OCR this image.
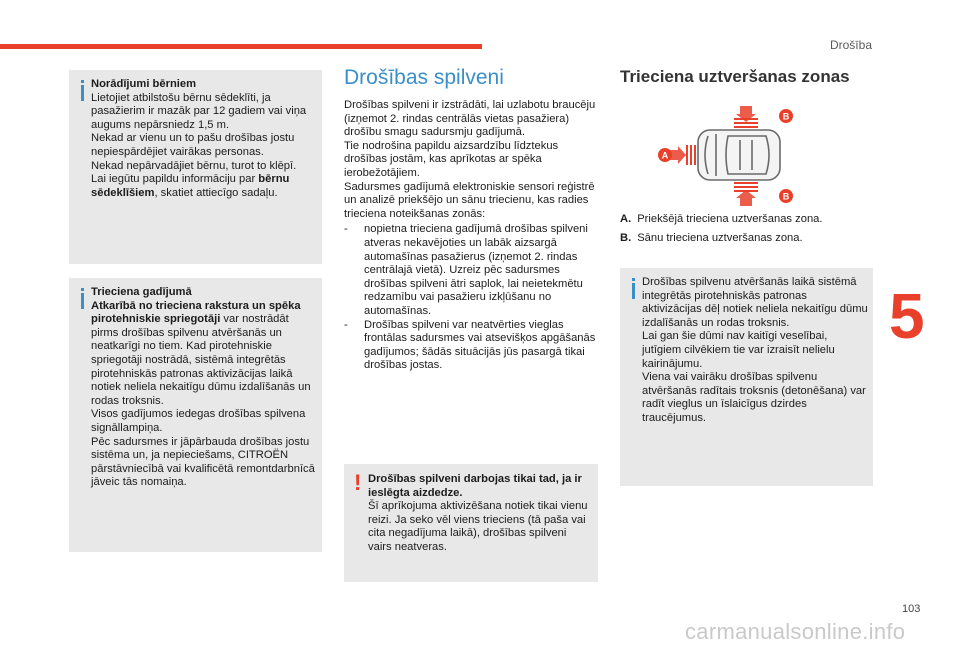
Drošība
5
103
carmanualsonline.info
Norādījumi bērniem
Lietojiet atbilstošu bērnu sēdeklīti, ja pasažierim ir mazāk par 12 gadiem vai viņa augums nepārsniedz 1,5 m.
Nekad ar vienu un to pašu drošības jostu nepiespārdējiet vairākas personas.
Nekad nepārvadājiet bērnu, turot to klēpī.
Lai iegūtu papildu informāciju par bērnu sēdeklīšiem, skatiet attiecīgo sadaļu.
Trieciena gadījumā
Atkarībā no trieciena rakstura un spēka pirotehniskie spriegotāji var nostrādāt pirms drošības spilvenu atvēršanās un neatkarīgi no tiem. Kad pirotehniskie spriegotāji nostrādā, sistēmā integrētās pirotehniskās patronas aktivizācijas laikā notiek neliela nekaitīgu dūmu izdalīšanās un rodas troksnis.
Visos gadījumos iedegas drošības spilvena signāllampiņa.
Pēc sadursmes ir jāpārbauda drošības jostu sistēma un, ja nepieciešams, CITROËN pārstāvniecībā vai kvalificētā remontdarbnīcā jāveic tās nomaiņa.
Drošības spilveni

Drošības spilveni ir izstrādāti, lai uzlabotu braucēju (izņemot 2. rindas centrālās vietas pasažiera) drošību smagu sadursmju gadījumā.
Tie nodrošina papildu aizsardzību līdztekus drošības jostām, kas aprīkotas ar spēka ierobežotājiem.
Sadursmes gadījumā elektroniskie sensori reģistrē un analizē priekšējo un sānu triecienu, kas radies trieciena noteikšanas zonās:

- nopietna trieciena gadījumā drošības spilveni atveras nekavējoties un labāk aizsargā automašīnas pasažierus (izņemot 2. rindas centrālajā vietā). Uzreiz pēc sadursmes drošības spilveni ātri saplok, lai neietekmētu redzamību vai pasažieru izkļūšanu no automašīnas.
- Drošības spilveni var neatvērties vieglas frontālas sadursmes vai atsevišķos apgāšanās gadījumos; šādās situācijās jūs pasargā tikai drošības jostas.
! Drošības spilveni darbojas tikai tad, ja ir ieslēgta aizdedze.
Šī aprīkojuma aktivizēšana notiek tikai vienu reizi. Ja seko vēl viens trieciens (tā paša vai cita negadījuma laikā), drošības spilveni vairs neatveras.
Trieciena uztveršanas zonas
B
A
B
A. Priekšējā trieciena uztveršanas zona.
B. Sānu trieciena uztveršanas zona.
Drošības spilvenu atvēršanās laikā sistēmā integrētās pirotehniskās patronas aktivizācijas dēļ notiek neliela nekaitīgu dūmu izdalīšanās un rodas troksnis.
Lai gan šie dūmi nav kaitīgi veselībai, jutīgiem cilvēkiem tie var izraisīt nelielu kairinājumu.
Viena vai vairāku drošības spilvenu atvēršanās radītais troksnis (detonēšana) var radīt vieglus un īslaicīgus dzirdes traucējumus.
